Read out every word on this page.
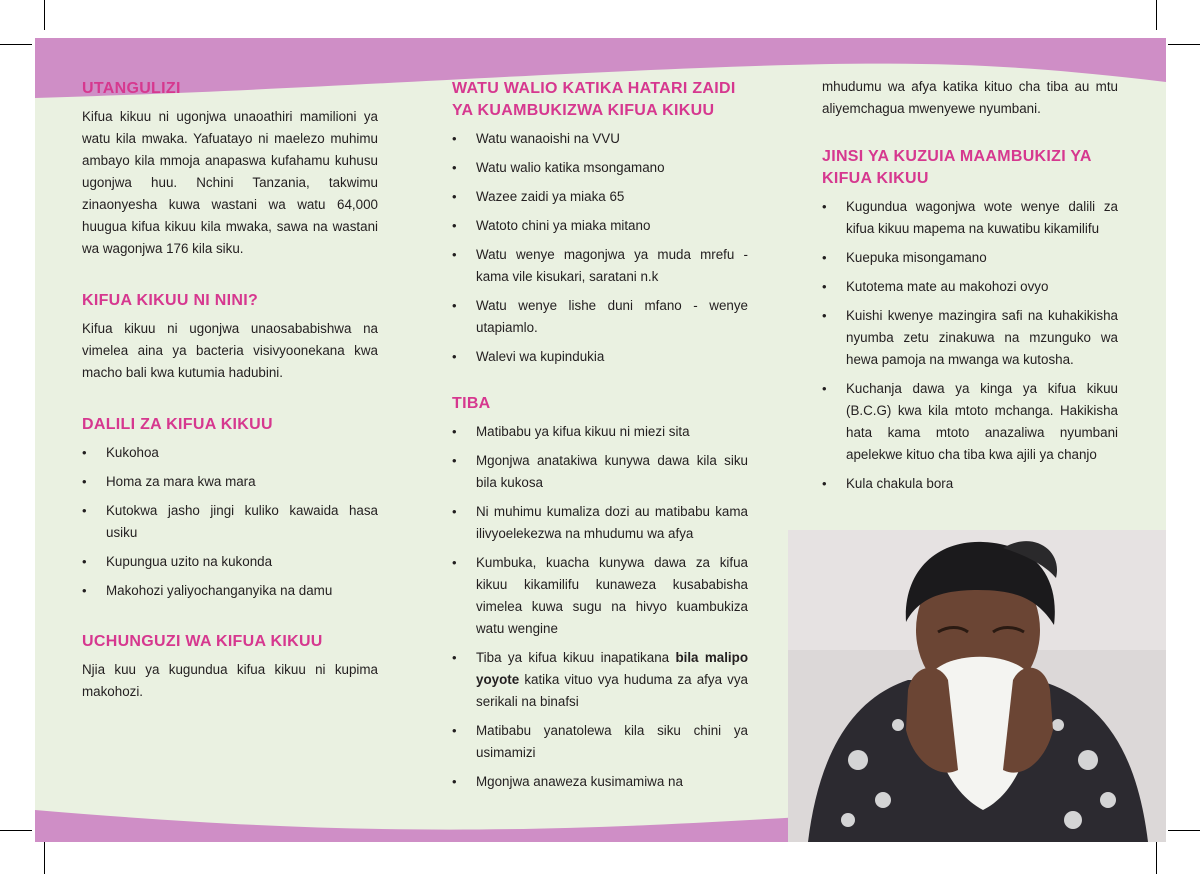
UTANGULIZI

Kifua kikuu ni ugonjwa unaoathiri mamilioni ya watu kila mwaka. Yafuatayo ni maelezo muhimu ambayo kila mmoja anapaswa kufahamu kuhusu ugonjwa huu. Nchini Tanzania, takwimu zinaonyesha kuwa wastani wa watu 64,000 huugua kifua kikuu kila mwaka, sawa na wastani wa wagonjwa 176 kila siku.

KIFUA KIKUU NI NINI?

Kifua kikuu ni ugonjwa unaosababishwa na vimelea aina ya bacteria visivyoonekana kwa macho bali kwa kutumia hadubini.

DALILI ZA KIFUA KIKUU
• Kukohoa
• Homa za mara kwa mara
• Kutokwa jasho jingi kuliko kawaida hasa usiku
• Kupungua uzito na kukonda
• Makohozi yaliyochanganyika na damu
UCHUNGUZI WA KIFUA KIKUU

Njia kuu ya kugundua kifua kikuu ni kupima makohozi.

WATU WALIO KATIKA HATARI ZAIDI YA KUAMBUKIZWA KIFUA KIKUU
• Watu wanaoishi na VVU
• Watu walio katika msongamano
• Wazee zaidi ya miaka 65
• Watoto chini ya miaka mitano
• Watu wenye magonjwa ya muda mrefu - kama vile kisukari, saratani n.k
• Watu wenye lishe duni mfano - wenye utapiamlo.
• Walevi wa kupindukia
TIBA
• Matibabu ya kifua kikuu ni miezi sita
• Mgonjwa anatakiwa kunywa dawa kila siku bila kukosa
• Ni muhimu kumaliza dozi au matibabu kama ilivyoelekezwa na mhudumu wa afya
• Kumbuka, kuacha kunywa dawa za kifua kikuu kikamilifu kunaweza kusababisha vimelea kuwa sugu na hivyo kuambukiza watu wengine
• Tiba ya kifua kikuu inapatikana bila malipo yoyote katika vituo vya huduma za afya vya serikali na binafsi
• Matibabu yanatolewa kila siku chini ya usimamizi
• Mgonjwa anaweza kusimamiwa na

mhudumu wa afya katika kituo cha tiba au mtu aliyemchagua mwenyewe nyumbani.

JINSI YA KUZUIA MAAMBUKIZI YA KIFUA KIKUU
• Kugundua wagonjwa wote wenye dalili za kifua kikuu mapema na kuwatibu kikamilifu
• Kuepuka misongamano
• Kutotema mate au makohozi ovyo
• Kuishi kwenye mazingira safi na kuhakikisha nyumba zetu zinakuwa na mzunguko wa hewa pamoja na mwanga wa kutosha.
• Kuchanja dawa ya kinga ya kifua kikuu (B.C.G) kwa kila mtoto mchanga. Hakikisha hata kama mtoto anazaliwa nyumbani apelekwe kituo cha tiba kwa ajili ya chanjo
• Kula chakula bora
